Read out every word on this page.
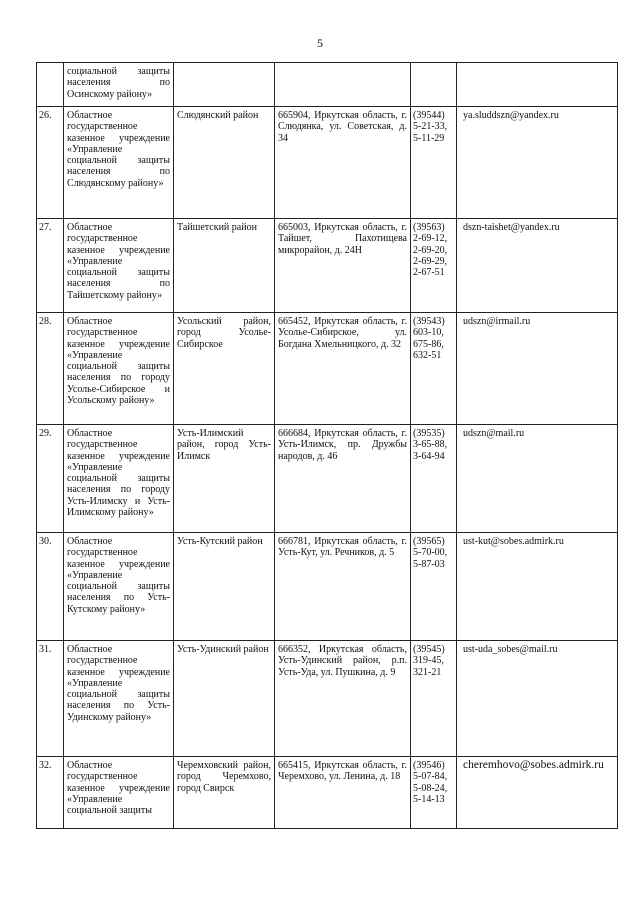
5
	социальной защиты населения по Осинскому району»				
26.	Областное государственное казенное учреждение «Управление социальной защиты населения по Слюдянскому району»	Слюдянский район	665904, Иркутская область, г. Слюдянка, ул. Советская, д. 34	(39544)
5-21-33,
5-11-29	ya.sluddszn@yandex.ru
27.	Областное государственное казенное учреждение «Управление социальной защиты населения по Тайшетскому району»	Тайшетский район	665003, Иркутская область, г. Тайшет, Пахотищева микрорайон, д. 24Н	(39563)
2-69-12,
2-69-20,
2-69-29,
2-67-51	dszn-taishet@yandex.ru
28.	Областное государственное казенное учреждение «Управление социальной защиты населения по городу Усолье-Сибирское и Усольскому району»	Усольский район, город Усолье-Сибирское	665452, Иркутская область, г. Усолье-Сибирское, ул. Богдана Хмельницкого, д. 32	(39543)
603-10,
675-86,
632-51	udszn@irmail.ru
29.	Областное государственное казенное учреждение «Управление социальной защиты населения по городу Усть-Илимску и Усть-Илимскому району»	Усть-Илимский район, город Усть-Илимск	666684, Иркутская область, г. Усть-Илимск, пр. Дружбы народов, д. 46	(39535)
3-65-88,
3-64-94	udszn@mail.ru
30.	Областное государственное казенное учреждение «Управление социальной защиты населения по Усть-Кутскому району»	Усть-Кутский район	666781, Иркутская область, г. Усть-Кут, ул. Речников, д. 5	(39565)
5-70-00,
5-87-03	ust-kut@sobes.admirk.ru
31.	Областное государственное казенное учреждение «Управление социальной защиты населения по Усть-Удинскому району»	Усть-Удинский район	666352, Иркутская область, Усть-Удинский район, р.п. Усть-Уда, ул. Пушкина, д. 9	(39545)
319-45,
321-21	ust-uda_sobes@mail.ru
32.	Областное государственное казенное учреждение «Управление социальной защиты	Черемховский район, город Черемхово, город Свирск	665415, Иркутская область, г. Черемхово, ул. Ленина, д. 18	(39546)
5-07-84,
5-08-24,
5-14-13	cheremhovo@sobes.admirk.ru
